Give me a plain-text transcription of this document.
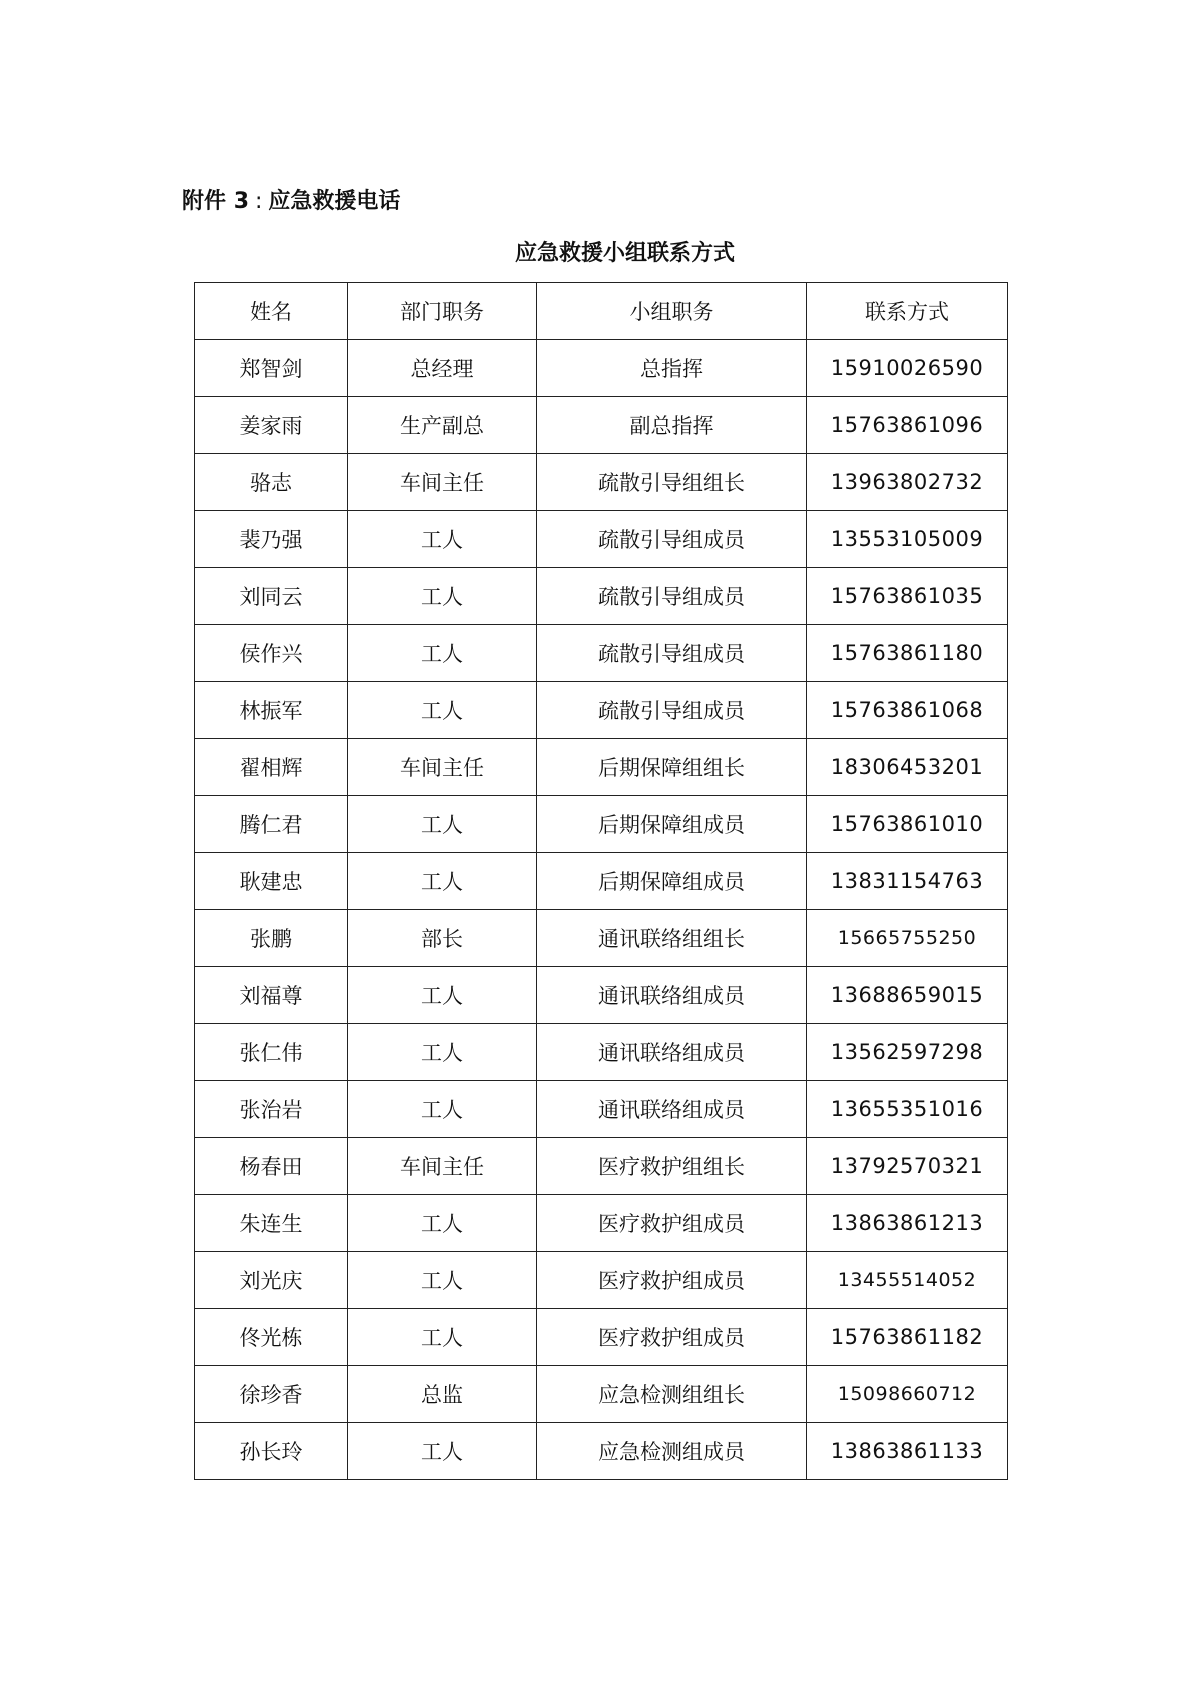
附件 3 : 应急救援电话
应急救援小组联系方式
姓名	部门职务	小组职务	联系方式
郑智剑	总经理	总指挥	15910026590
姜家雨	生产副总	副总指挥	15763861096
骆志	车间主任	疏散引导组组长	13963802732
裴乃强	工人	疏散引导组成员	13553105009
刘同云	工人	疏散引导组成员	15763861035
侯作兴	工人	疏散引导组成员	15763861180
林振军	工人	疏散引导组成员	15763861068
翟相辉	车间主任	后期保障组组长	18306453201
腾仁君	工人	后期保障组成员	15763861010
耿建忠	工人	后期保障组成员	13831154763
张鹏	部长	通讯联络组组长	15665755250
刘福尊	工人	通讯联络组成员	13688659015
张仁伟	工人	通讯联络组成员	13562597298
张治岩	工人	通讯联络组成员	13655351016
杨春田	车间主任	医疗救护组组长	13792570321
朱连生	工人	医疗救护组成员	13863861213
刘光庆	工人	医疗救护组成员	13455514052
佟光栋	工人	医疗救护组成员	15763861182
徐珍香	总监	应急检测组组长	15098660712
孙长玲	工人	应急检测组成员	13863861133
